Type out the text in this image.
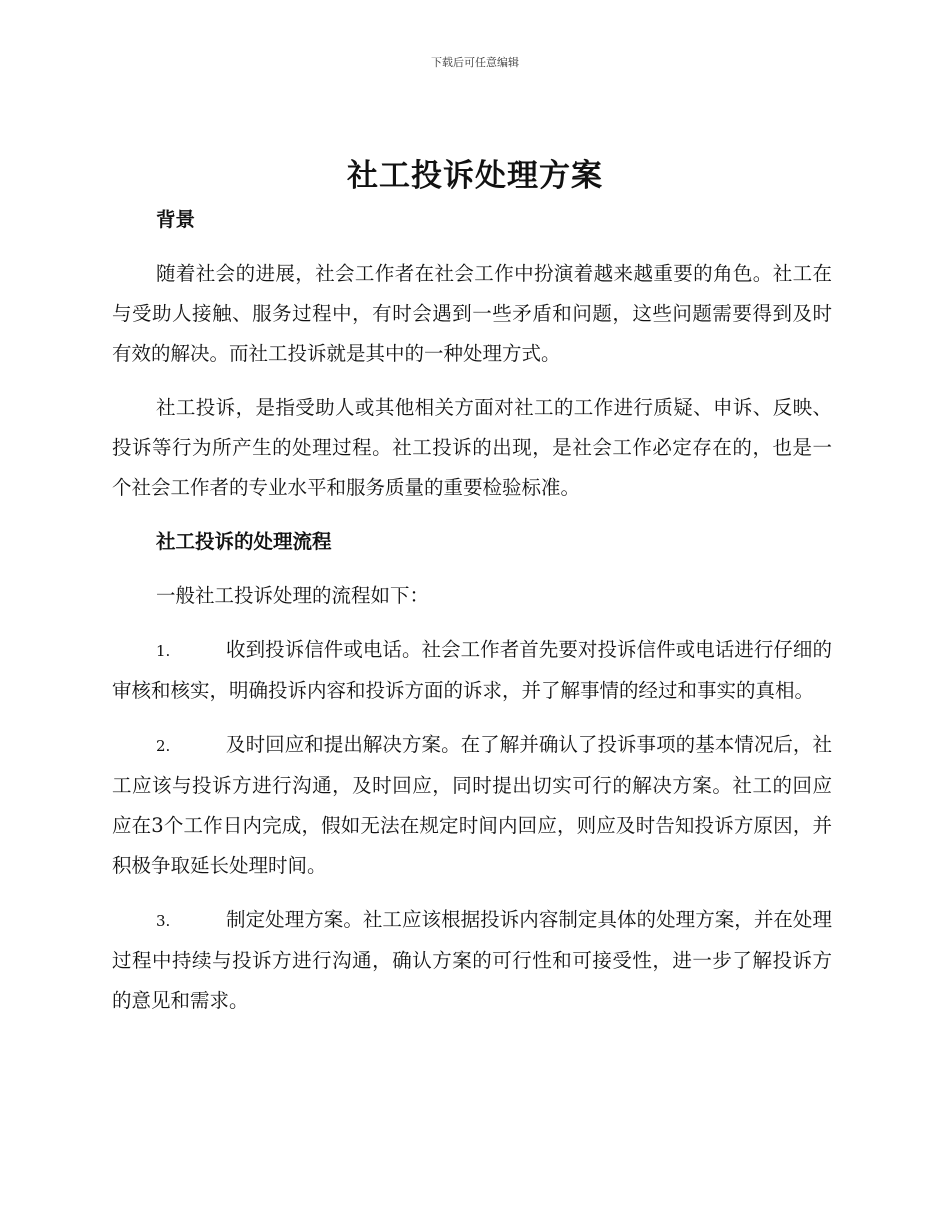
下载后可任意编辑
社工投诉处理方案
背景

随着社会的进展，社会工作者在社会工作中扮演着越来越重要的角色。社工在与受助人接触、服务过程中，有时会遇到一些矛盾和问题，这些问题需要得到及时有效的解决。而社工投诉就是其中的一种处理方式。

社工投诉，是指受助人或其他相关方面对社工的工作进行质疑、申诉、反映、投诉等行为所产生的处理过程。社工投诉的出现，是社会工作必定存在的，也是一个社会工作者的专业水平和服务质量的重要检验标准。

社工投诉的处理流程

一般社工投诉处理的流程如下：

1.	收到投诉信件或电话。社会工作者首先要对投诉信件或电话进行仔细的审核和核实，明确投诉内容和投诉方面的诉求，并了解事情的经过和事实的真相。

2.	及时回应和提出解决方案。在了解并确认了投诉事项的基本情况后，社工应该与投诉方进行沟通，及时回应，同时提出切实可行的解决方案。社工的回应应在3个工作日内完成，假如无法在规定时间内回应，则应及时告知投诉方原因，并积极争取延长处理时间。

3.	制定处理方案。社工应该根据投诉内容制定具体的处理方案，并在处理过程中持续与投诉方进行沟通，确认方案的可行性和可接受性，进一步了解投诉方的意见和需求。
